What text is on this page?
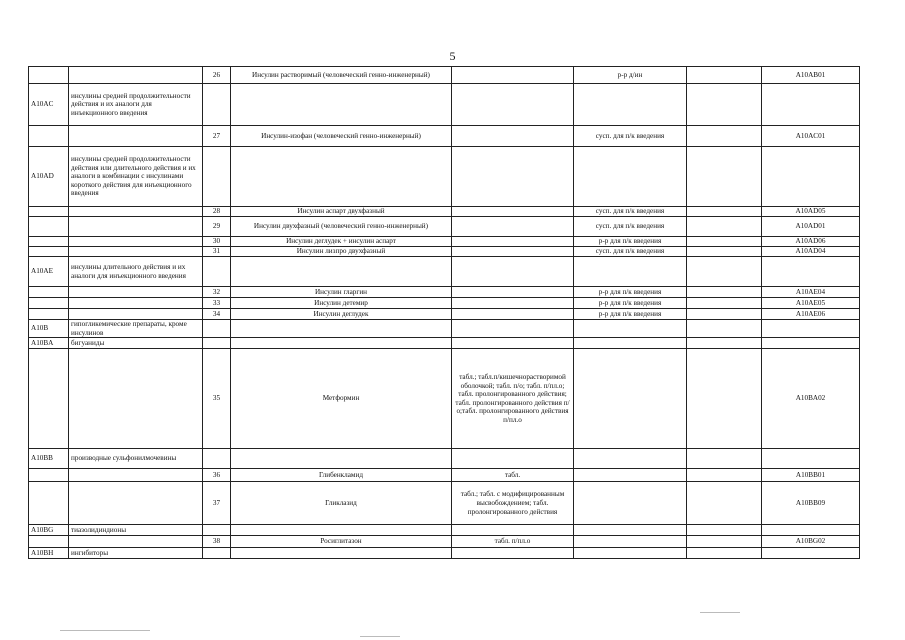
5
		26	Инсулин растворимый (человеческий генно-инженерный)		р-р д/ин		A10AB01
A10AC	инсулины средней продолжительности действия и их аналоги для инъекционного введения						
		27	Инсулин-изофан (человеческий генно-инженерный)		сусп. для п/к введения		A10AC01
A10AD	инсулины средней продолжительности действия или длительного действия и их аналоги в комбинации с инсулинами короткого действия для инъекционного введения						
		28	Инсулин аспарт двухфазный		сусп. для п/к введения		A10AD05
		29	Инсулин двухфазный (человеческий генно-инженерный)		сусп. для п/к введения		A10AD01
		30	Инсулин деглудек + инсулин аспарт		р-р для п/к введения		A10AD06
		31	Инсулин лизпро двухфазный		сусп. для п/к введения		A10AD04
A10AE	инсулины длительного действия и их аналоги для инъекционного введения						
		32	Инсулин гларгин		р-р для п/к введения		A10AE04
		33	Инсулин детемир		р-р для п/к введения		A10AE05
		34	Инсулин деглудек		р-р для п/к введения		A10AE06
A10B	гипогликемические препараты, кроме инсулинов						
A10BA	бигуаниды						
		35	Метформин	табл.; табл.п/кишечнорастворимой оболочкой; табл. п/о; табл. п/пл.о; табл. пролонгированного действия; табл. пролонгированного действия п/о;табл. пролонгированного действия п/пл.о			A10BA02
A10BB	производные сульфонилмочевины						
		36	Глибенкламид	табл.			A10BB01
		37	Гликлазид	табл.; табл. с модифицированным высвобождением; табл. пролонгированного действия			A10BB09
A10BG	тиазолидиндионы						
		38	Росиглитазон	табл. п/пл.о			A10BG02
A10BH	ингибиторы						
